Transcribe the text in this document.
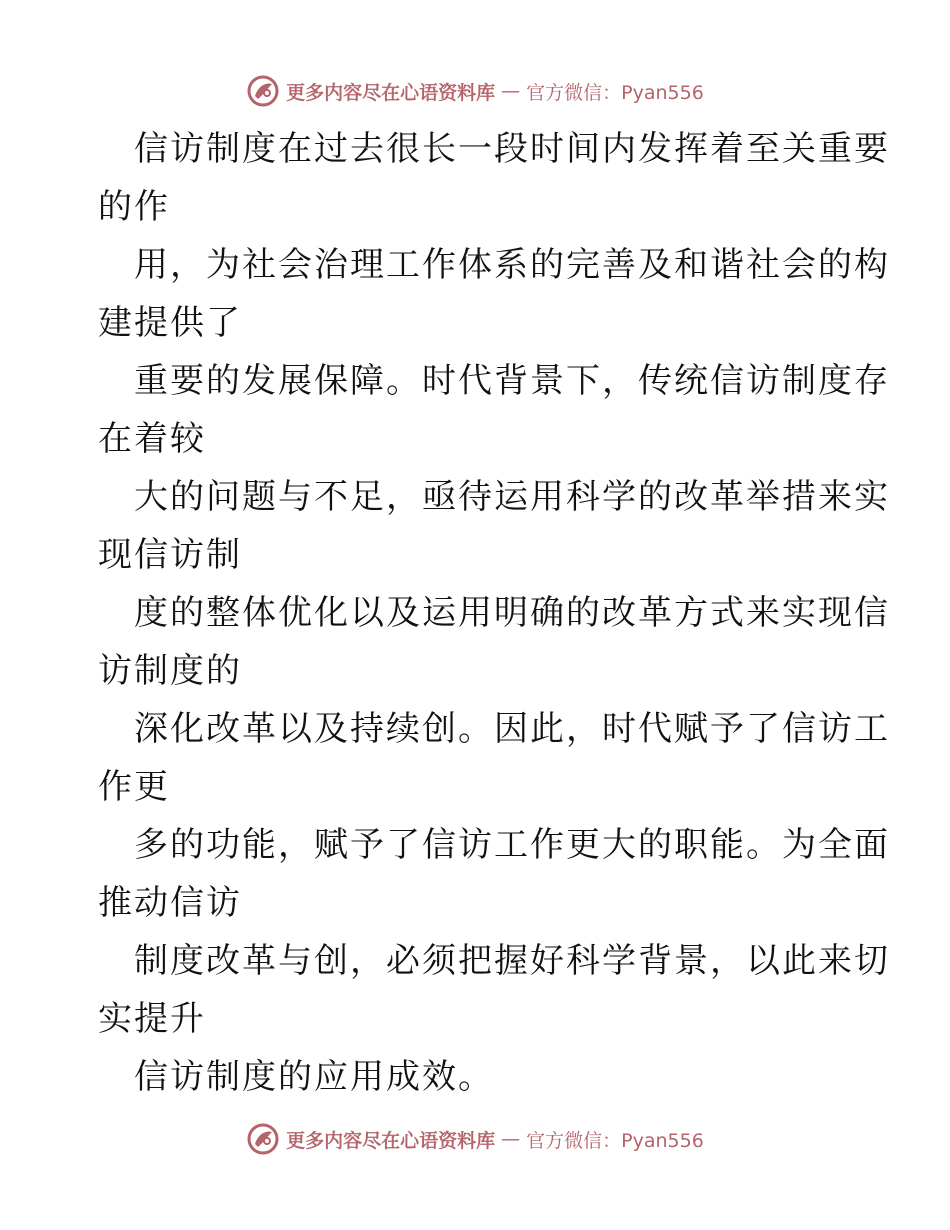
更多内容尽在心语资料库 — 官方微信：Pyan556

信访制度在过去很长一段时间内发挥着至关重要
的作

用，为社会治理工作体系的完善及和谐社会的构
建提供了

重要的发展保障。时代背景下，传统信访制度存
在着较

大的问题与不足，亟待运用科学的改革举措来实
现信访制

度的整体优化以及运用明确的改革方式来实现信
访制度的

深化改革以及持续创。因此，时代赋予了信访工
作更

多的功能，赋予了信访工作更大的职能。为全面
推动信访

制度改革与创，必须把握好科学背景，以此来切
实提升

信访制度的应用成效。

更多内容尽在心语资料库 — 官方微信：Pyan556
